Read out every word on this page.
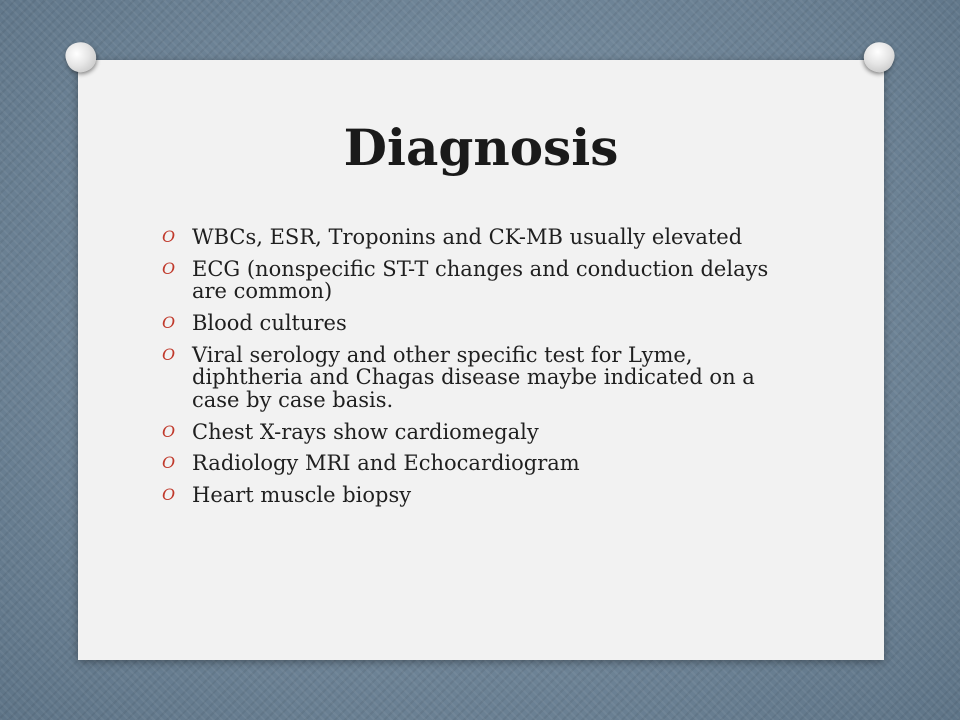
Diagnosis
O WBCs, ESR, Troponins and CK-MB usually elevated
O ECG (nonspecific ST-T changes and conduction delays are common)
O Blood cultures
O Viral serology and other specific test for Lyme, diphtheria and Chagas disease maybe indicated on a case by case basis.
O Chest X-rays show cardiomegaly
O Radiology MRI and Echocardiogram
O Heart muscle biopsy
